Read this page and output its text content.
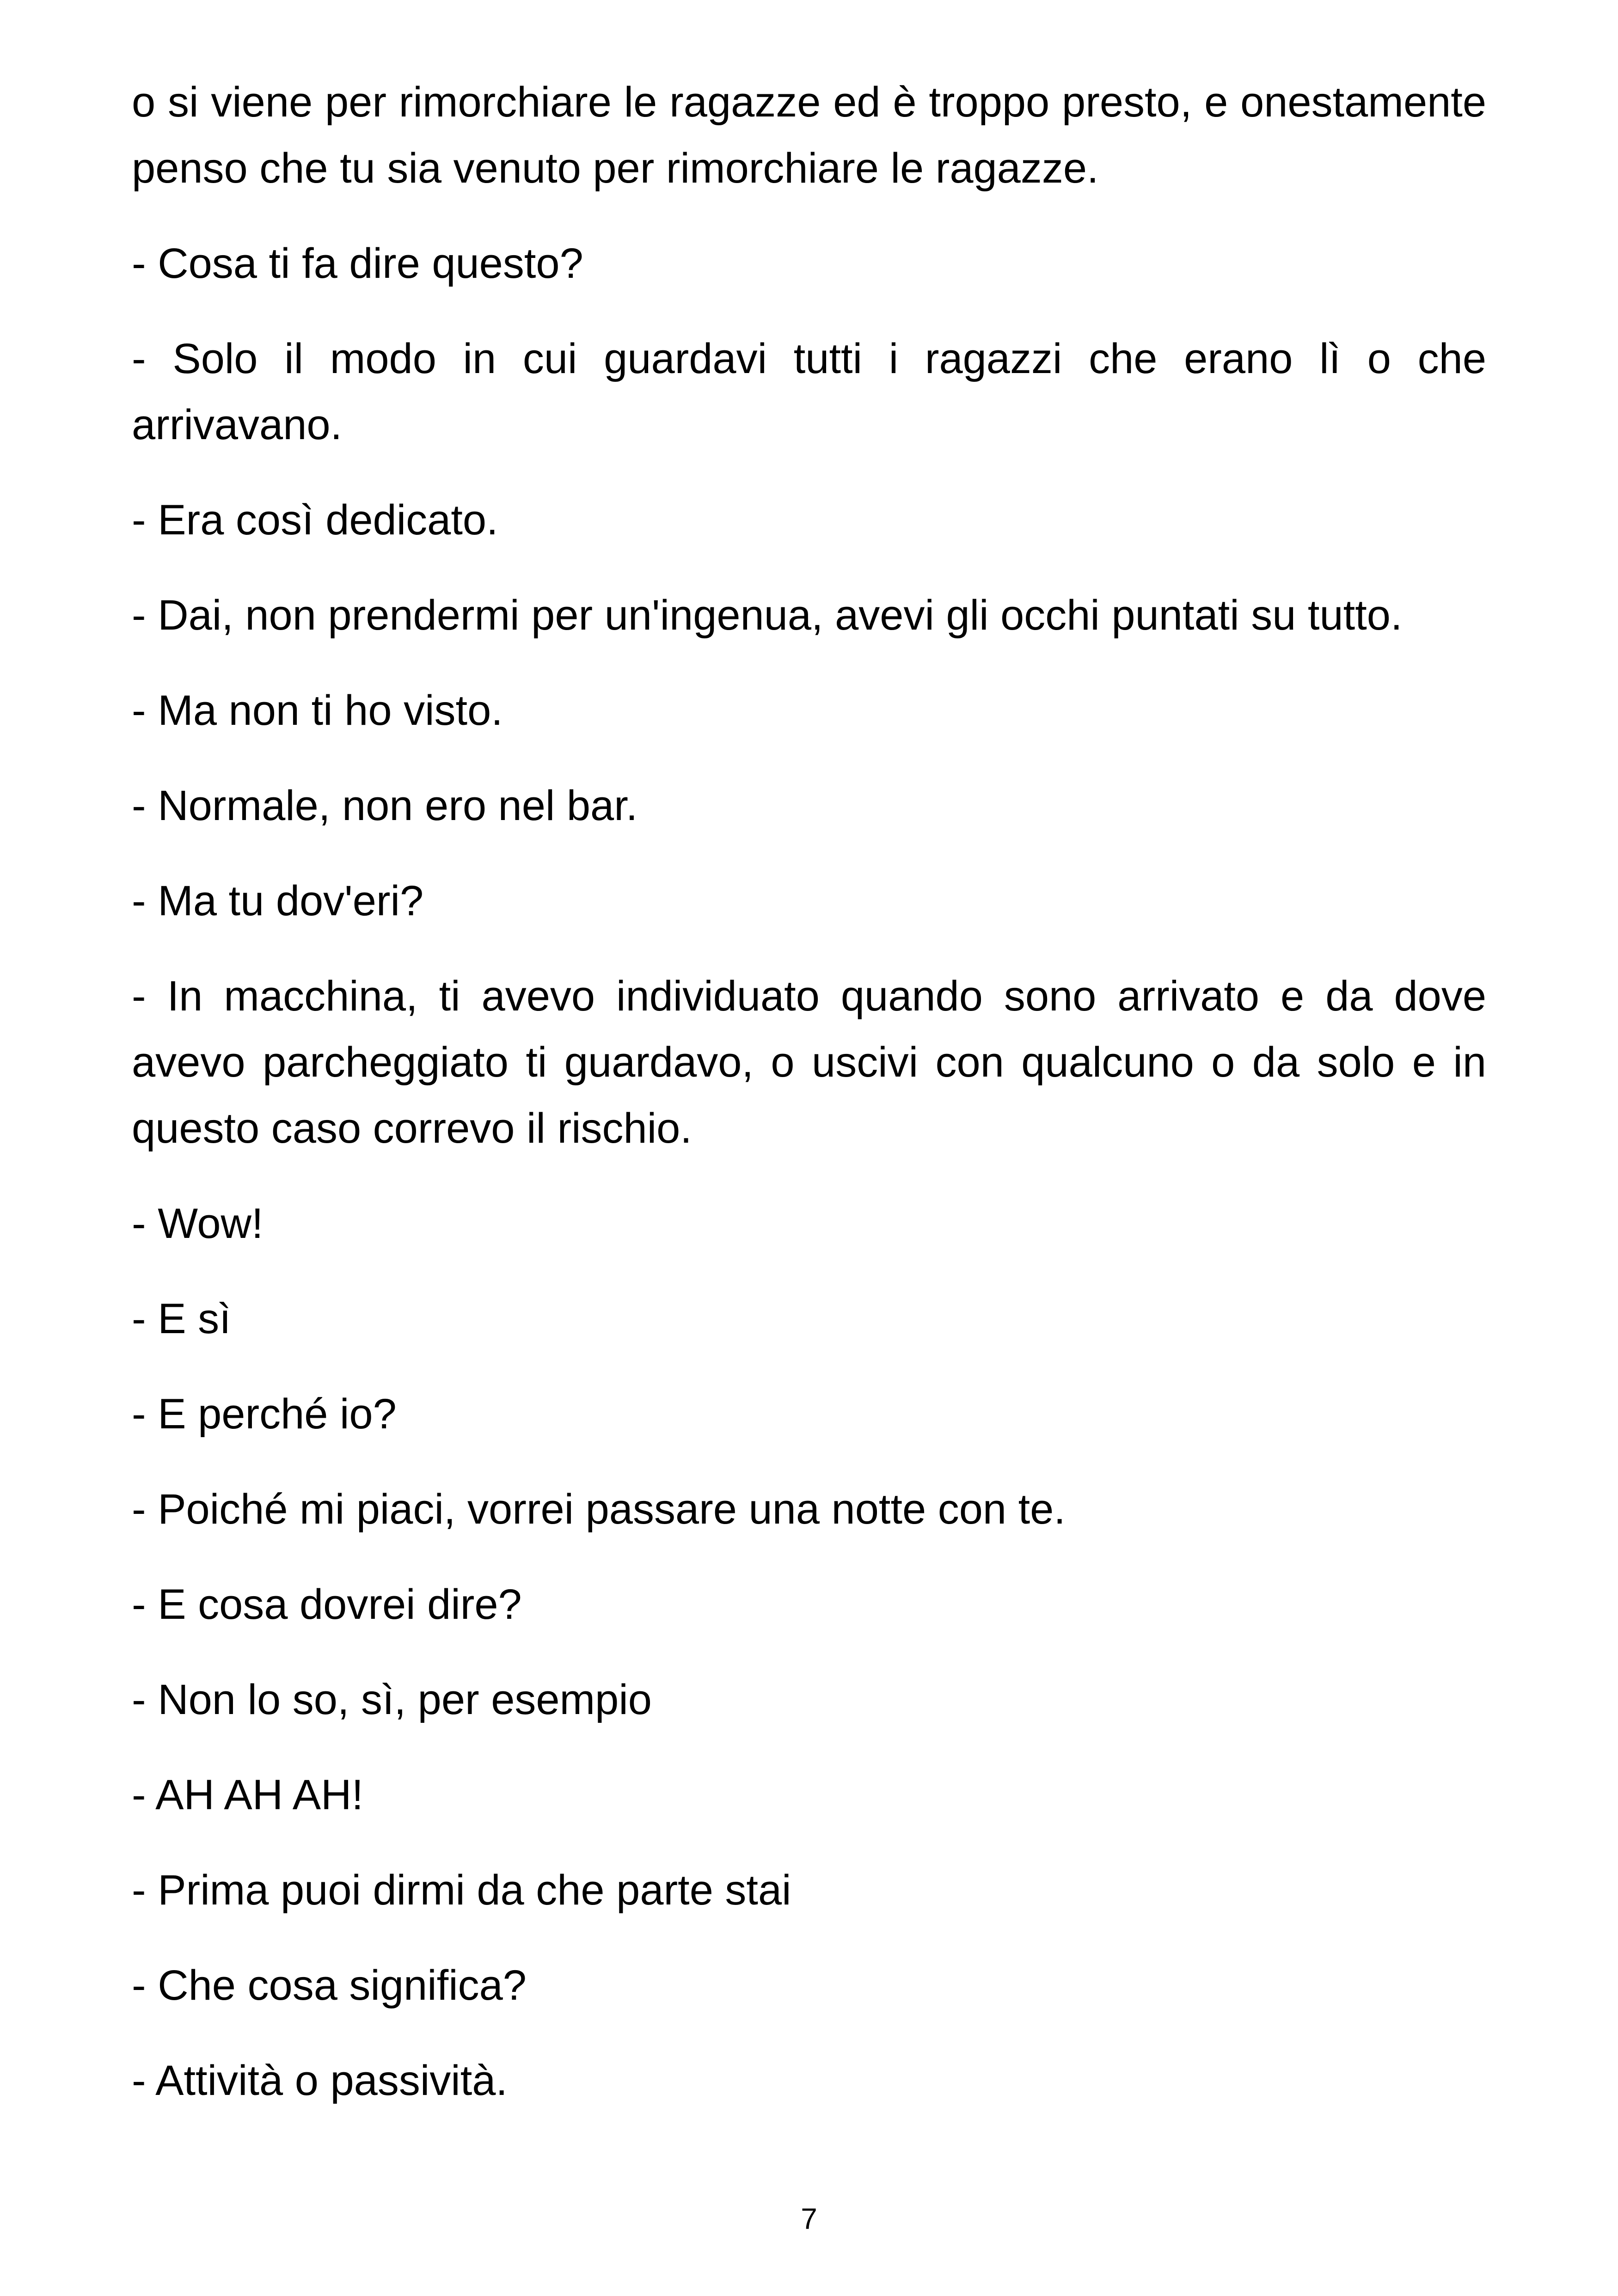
o si viene per rimorchiare le ragazze ed è troppo presto, e onestamente penso che tu sia venuto per rimorchiare le ragazze.

- Cosa ti fa dire questo?

- Solo il modo in cui guardavi tutti i ragazzi che erano lì o che arrivavano.

- Era così dedicato.

- Dai, non prendermi per un'ingenua, avevi gli occhi puntati su tutto.

- Ma non ti ho visto.

- Normale, non ero nel bar.

- Ma tu dov'eri?

- In macchina, ti avevo individuato quando sono arrivato e da dove avevo parcheggiato ti guardavo, o uscivi con qualcuno o da solo e in questo caso correvo il rischio.

- Wow!

- E sì

- E perché io?

- Poiché mi piaci, vorrei passare una notte con te.

- E cosa dovrei dire?

- Non lo so, sì, per esempio

- AH AH AH!

- Prima puoi dirmi da che parte stai

- Che cosa significa?

- Attività o passività.

7
